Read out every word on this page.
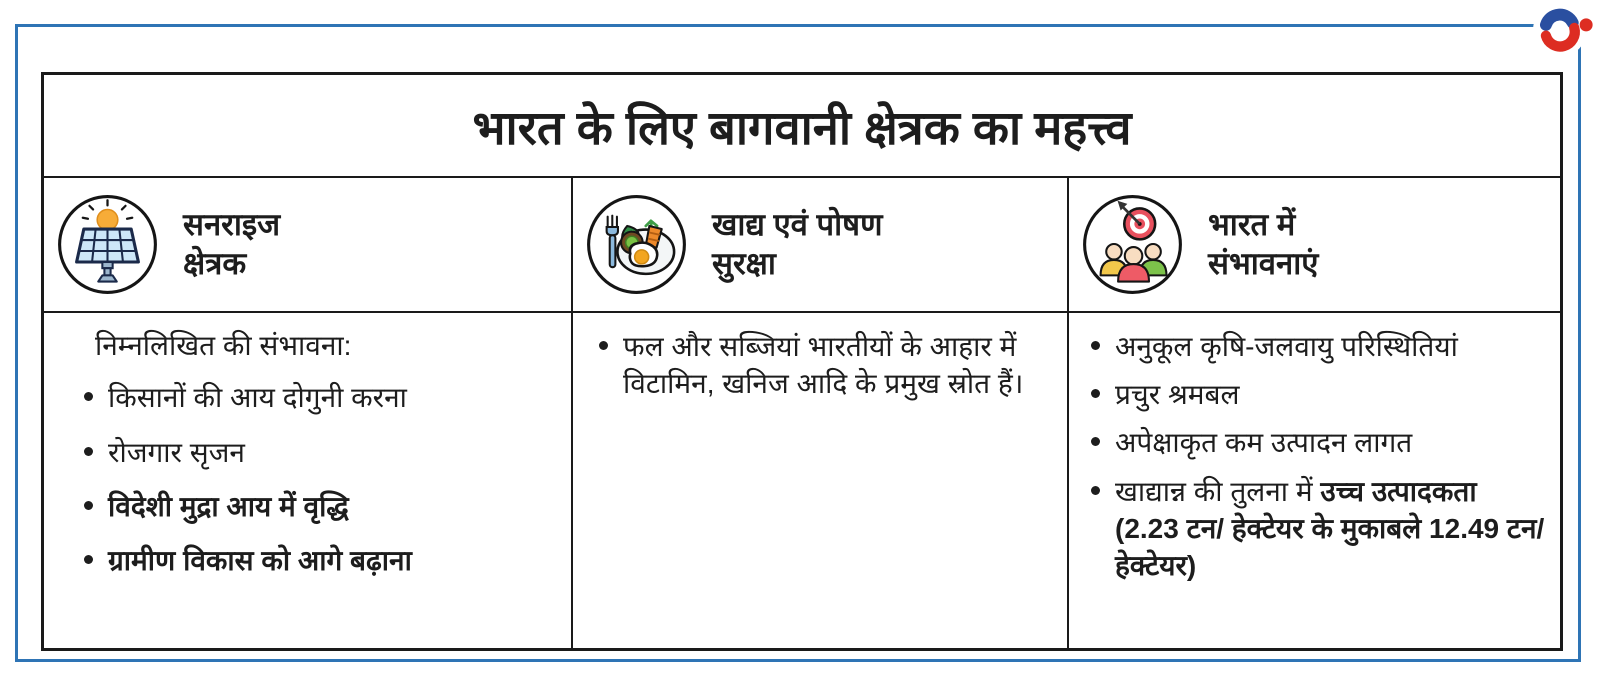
भारत के लिए बागवानी क्षेत्रक का महत्त्व
सनराइज
क्षेत्रक
खाद्य एवं पोषण
सुरक्षा
भारत में
संभावनाएं

निम्नलिखित की संभावना:

किसानों की आय दोगुनी करना
रोजगार सृजन
विदेशी मुद्रा आय में वृद्धि
ग्रामीण विकास को आगे बढ़ाना
फल और सब्जियां भारतीयों के आहार में विटामिन, खनिज आदि के प्रमुख स्रोत हैं।
अनुकूल कृषि-जलवायु परिस्थितियां
प्रचुर श्रमबल
अपेक्षाकृत कम उत्पादन लागत
खाद्यान्न की तुलना में उच्च उत्पादकता (2.23 टन/ हेक्टेयर के मुकाबले 12.49 टन/ हेक्टेयर)
